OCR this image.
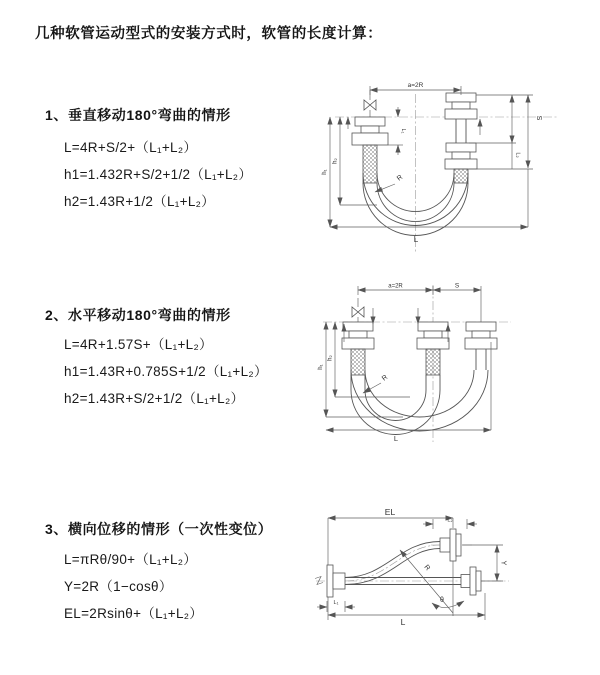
几种软管运动型式的安装方式时，软管的长度计算：
1、垂直移动180°弯曲的情形
L=4R+S/2+（L₁+L₂）
h1=1.432R+S/2+1/2（L₁+L₂）
h2=1.43R+1/2（L₁+L₂）
a=2R
L₁
S
L₂
h₁
h₂
L
R
2、水平移动180°弯曲的情形
L=4R+1.57S+（L₁+L₂）
h1=1.43R+0.785S+1/2（L₁+L₂）
h2=1.43R+S/2+1/2（L₁+L₂）
a=2R	S
h₁
h₂
L
R
3、横向位移的情形（一次性变位）
L=πRθ/90+（L₁+L₂）
Y=2R（1−cosθ）
EL=2Rsinθ+（L₁+L₂）
EL
L₂
Y
L₁
L
R
θ
